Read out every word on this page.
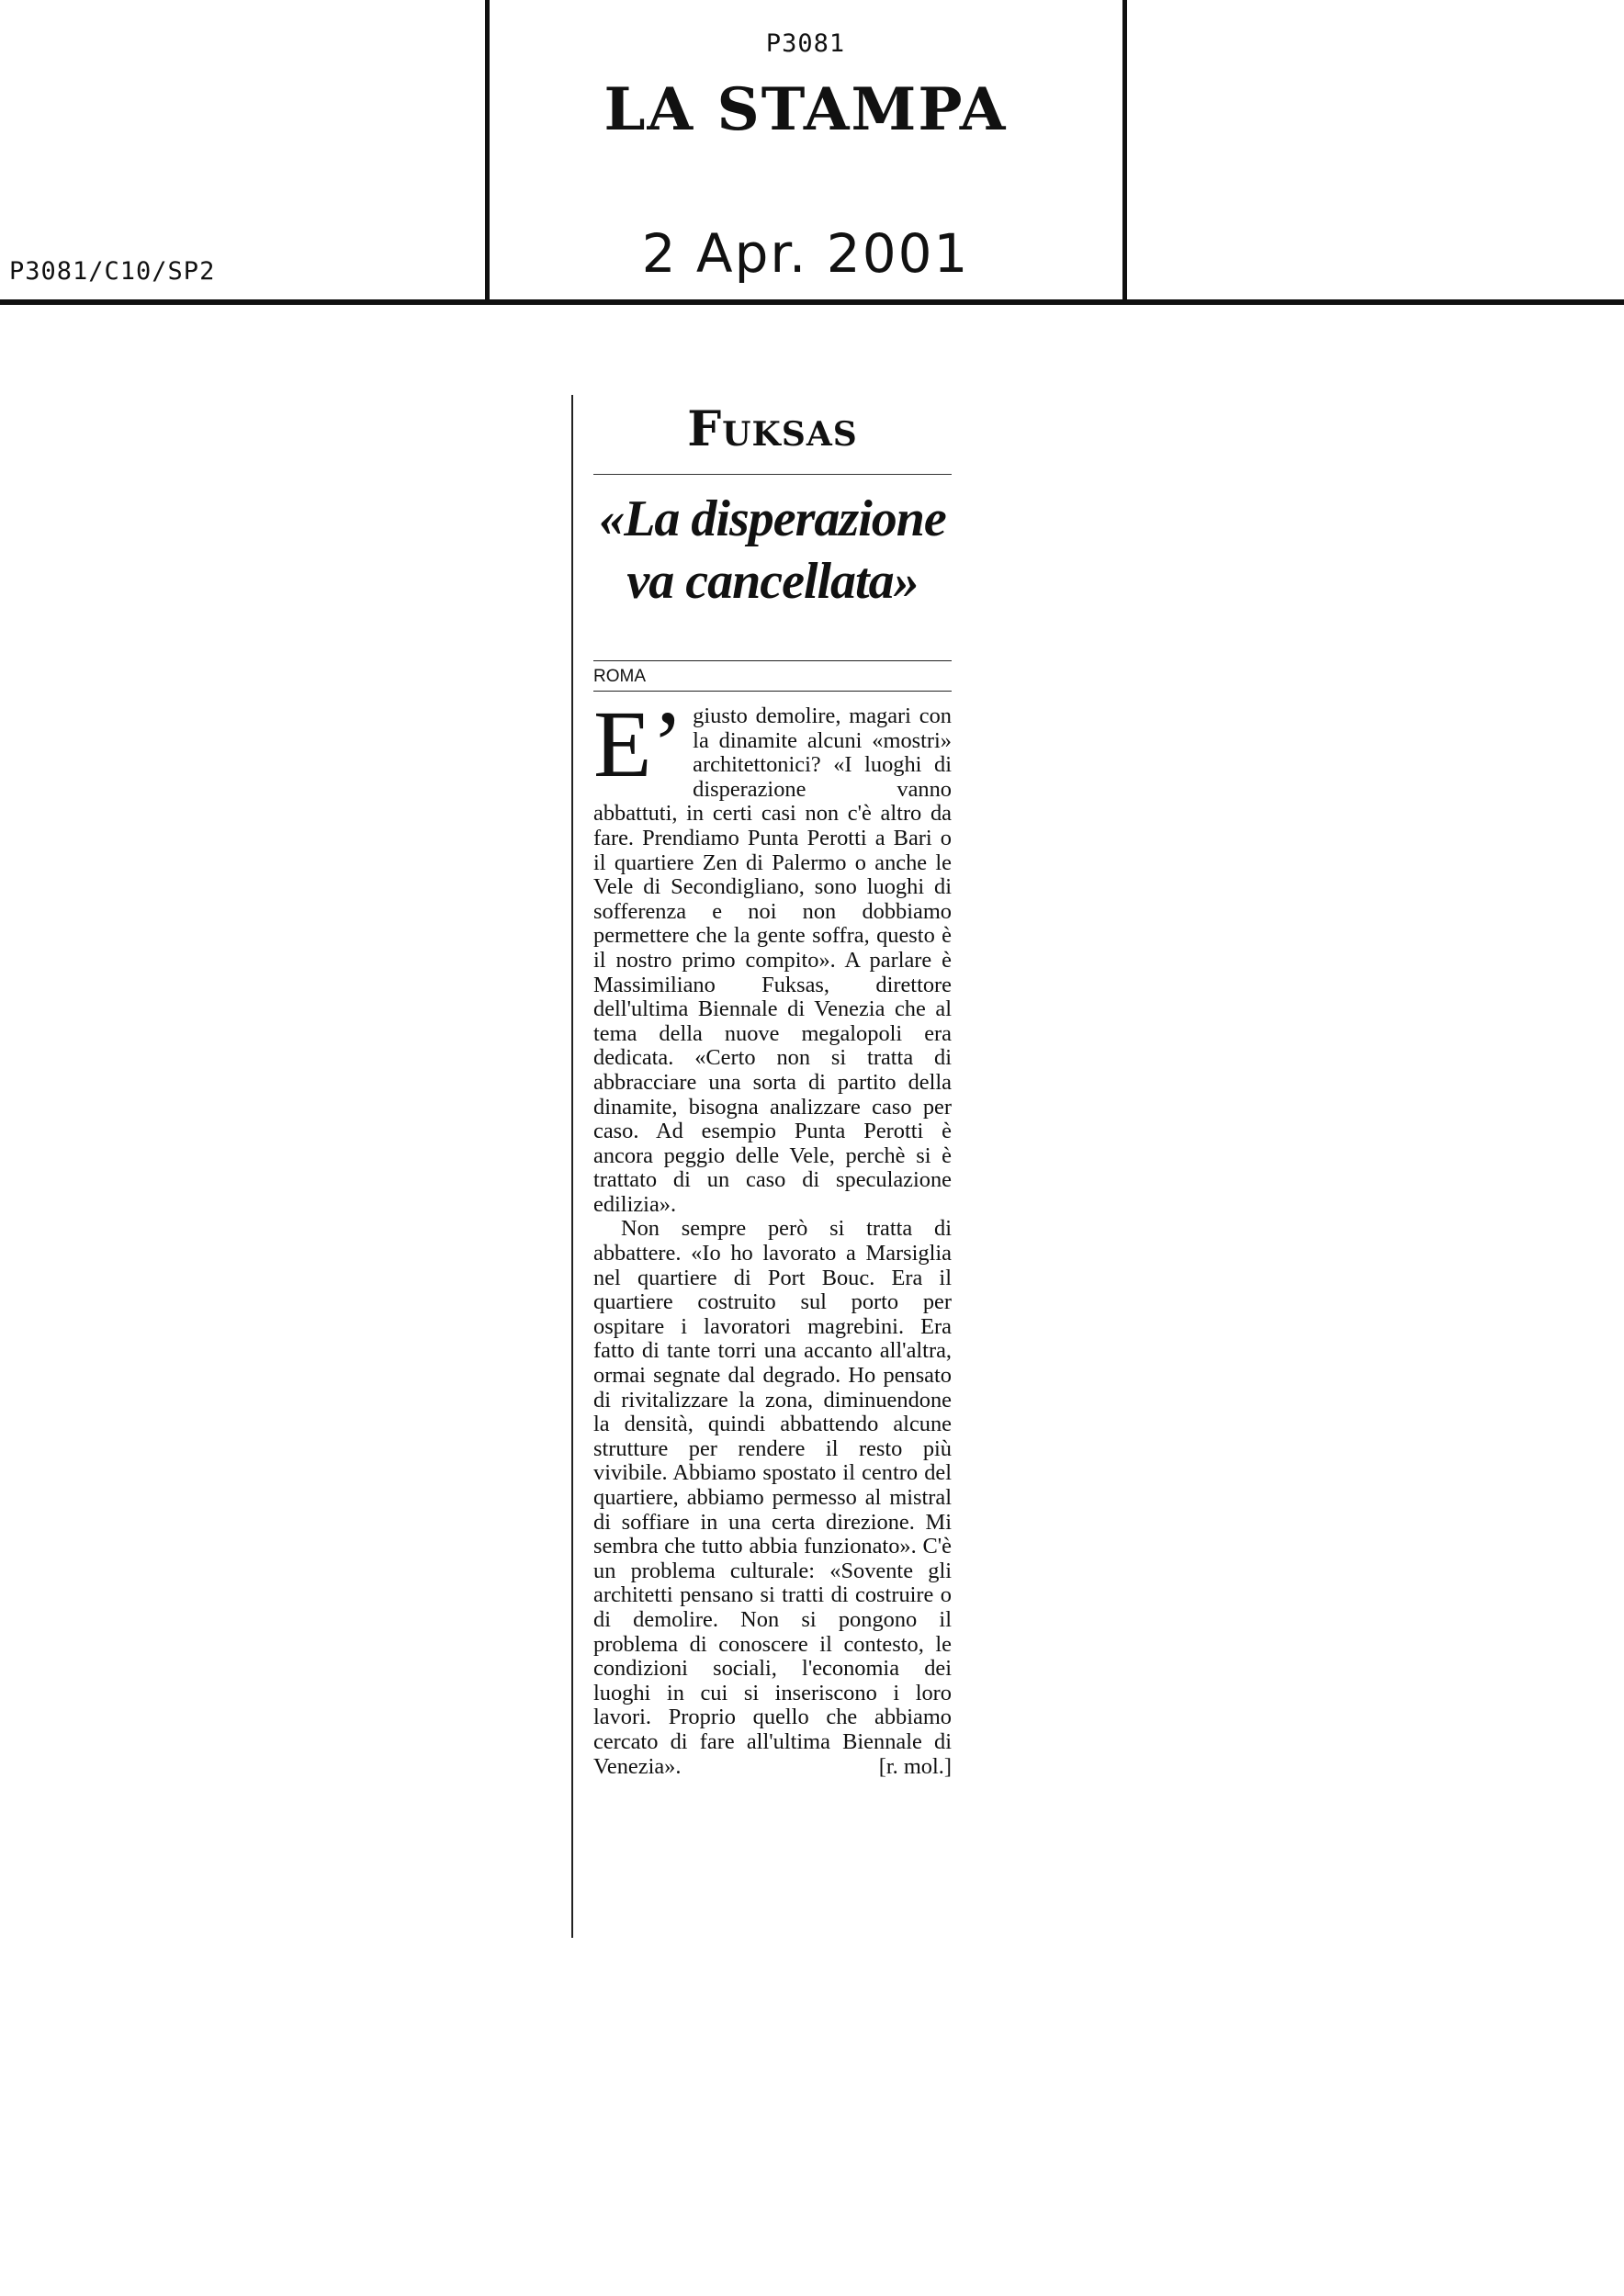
P3081
LA STAMPA
2 Apr. 2001
P3081/C10/SP2
Fuksas
«La disperazione
va cancellata»
ROMA

E’ giusto demolire, magari con la dinamite alcuni «mostri» architettonici? «I luoghi di disperazione vanno abbattuti, in certi casi non c'è altro da fare. Prendiamo Punta Perotti a Bari o il quartiere Zen di Palermo o anche le Vele di Secondigliano, sono luoghi di sofferenza e noi non dobbiamo permettere che la gente soffra, questo è il nostro primo compito». A parlare è Massimiliano Fuksas, direttore dell'ultima Biennale di Venezia che al tema della nuove megalopoli era dedicata. «Certo non si tratta di abbracciare una sorta di partito della dinamite, bisogna analizzare caso per caso. Ad esempio Punta Perotti è ancora peggio delle Vele, perchè si è trattato di un caso di speculazione edilizia».

Non sempre però si tratta di abbattere. «Io ho lavorato a Marsiglia nel quartiere di Port Bouc. Era il quartiere costruito sul porto per ospitare i lavoratori magrebini. Era fatto di tante torri una accanto all'altra, ormai segnate dal degrado. Ho pensato di rivitalizzare la zona, diminuendone la densità, quindi abbattendo alcune strutture per rendere il resto più vivibile. Abbiamo spostato il centro del quartiere, abbiamo permesso al mistral di soffiare in una certa direzione. Mi sembra che tutto abbia funzionato». C'è un problema culturale: «Sovente gli architetti pensano si tratti di costruire o di demolire. Non si pongono il problema di conoscere il contesto, le condizioni sociali, l'economia dei luoghi in cui si inseriscono i loro lavori. Proprio quello che abbiamo cercato di fare all'ultima Biennale di Venezia».	[r. mol.]
